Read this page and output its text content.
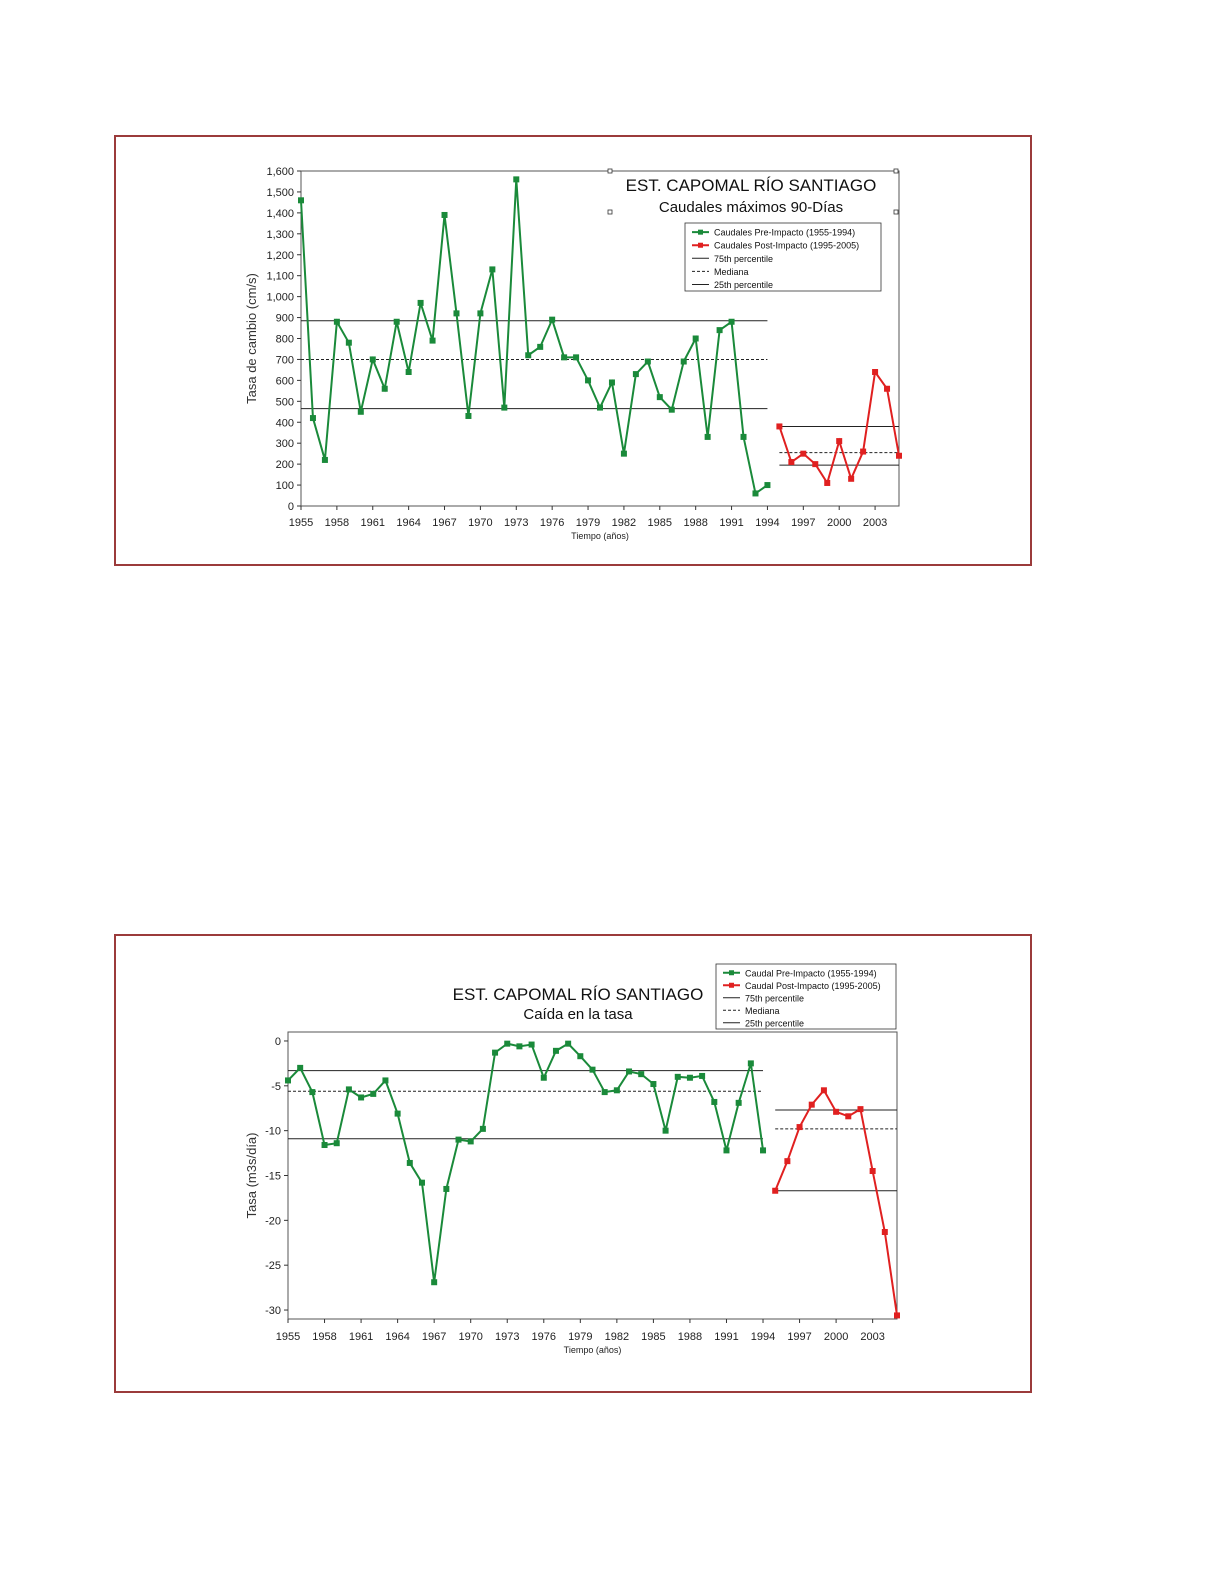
0
100
200
300
400
500
600
700
800
900
1,000
1,100
1,200
1,300
1,400
1,500
1,600
1955 1958 1961 1964 1967 1970 1973 1976 1979 1982 1985 1988 1991 1994 1997 2000 2003
Tiempo (años)
Tasa de cambio (cm/s)
EST. CAPOMAL RÍO SANTIAGO
Caudales máximos 90-Días
Caudales Pre-Impacto (1955-1994)
Caudales Post-Impacto (1995-2005)
75th percentile
Mediana
25th percentile
0
-5
-10
-15
-20
-25
-30
1955 1958 1961 1964 1967 1970 1973 1976 1979 1982 1985 1988 1991 1994 1997 2000 2003
Tiempo (años)
Tasa (m3s/día)
EST. CAPOMAL RÍO SANTIAGO
Caída en la tasa
Caudal Pre-Impacto (1955-1994)
Caudal Post-Impacto (1995-2005)
75th percentile
Mediana
25th percentile
